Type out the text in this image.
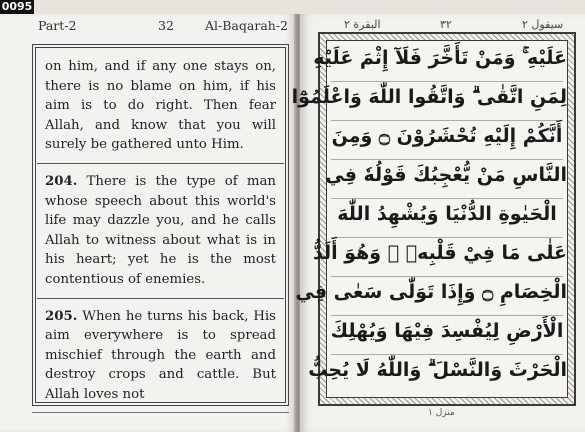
0095
Part-2	32 Al-Baqarah-2

on him, and if any one stays on, there is no blame on him, if his aim is to do right. Then fear Allah, and know that you will surely be gathered unto Him.

204. There is the type of man whose speech about this world's life may dazzle you, and he calls Allah to witness about what is in his heart; yet he is the most contentious of enemies.

205. When he turns his back, His aim everywhere is to spread mischief through the earth and destroy crops and cattle. But Allah loves not

سيقول ٢
٣٢
البقرة ٢
عَلَيْهِ ۚ وَمَنْ تَأَخَّرَ فَلَآ إِثْمَ عَلَيْهِ
لِمَنِ اتَّقٰى ۗ وَاتَّقُوا اللّٰهَ وَاعْلَمُوْٓا
أَنَّكُمْ إِلَيْهِ تُحْشَرُوْنَ ۝ وَمِنَ
النَّاسِ مَنْ يُّعْجِبُكَ قَوْلُهٗ فِي
الْحَيٰوةِ الدُّنْيَا وَيُشْهِدُ اللّٰهَ
عَلٰى مَا فِيْ قَلْبِهٖ ۙ وَهُوَ أَلَدُّ
الْخِصَامِ ۝ وَإِذَا تَوَلّٰى سَعٰى فِي
الْأَرْضِ لِيُفْسِدَ فِيْهَا وَيُهْلِكَ
الْحَرْثَ وَالنَّسْلَ ۗ وَاللّٰهُ لَا يُحِبُّ
منزل ١
